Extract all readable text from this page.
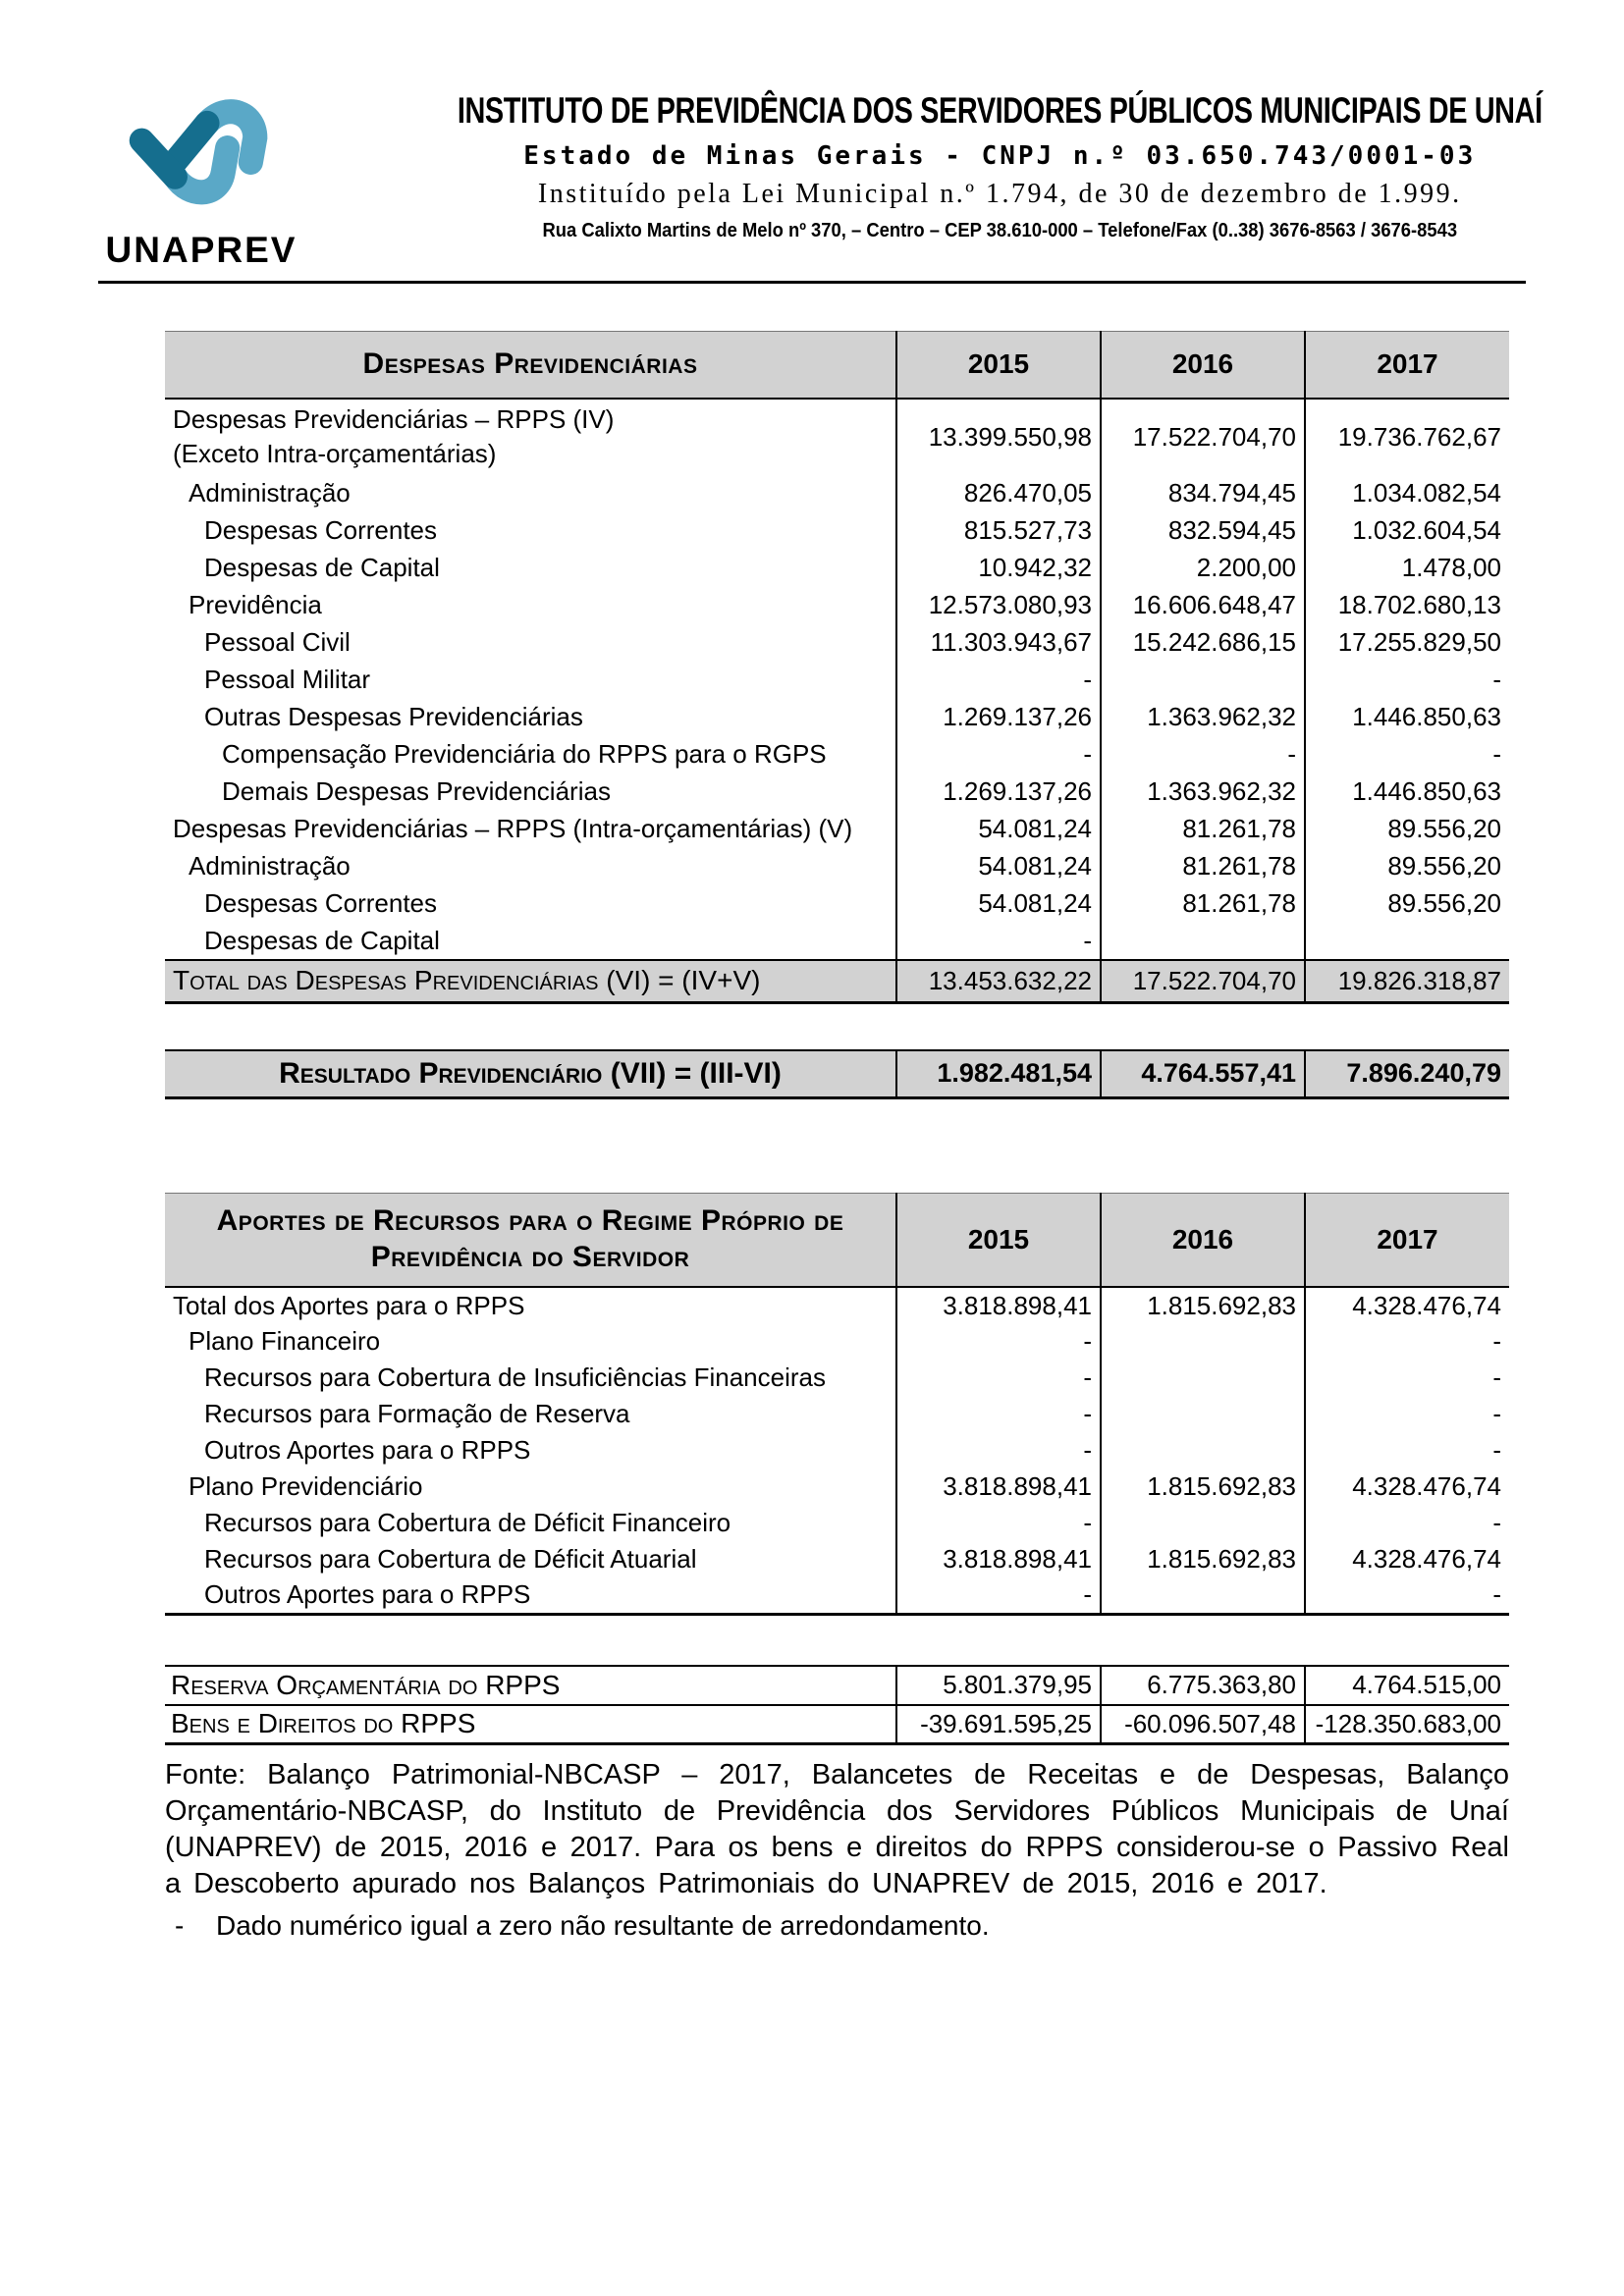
UNAPREV
INSTITUTO DE PREVIDÊNCIA DOS SERVIDORES PÚBLICOS MUNICIPAIS DE UNAÍ
Estado de Minas Gerais - CNPJ n.º 03.650.743/0001-03
Instituído pela Lei Municipal n.º 1.794, de 30 de dezembro de 1.999.
Rua Calixto Martins de Melo nº 370, – Centro – CEP 38.610-000 – Telefone/Fax (0..38) 3676-8563 / 3676-8543
Despesas Previdenciárias	2015	2016	2017

Despesas Previdenciárias – RPPS (IV)
(Exceto Intra-orçamentárias)	13.399.550,98	17.522.704,70	19.736.762,67
Administração	826.470,05	834.794,45	1.034.082,54
Despesas Correntes	815.527,73	832.594,45	1.032.604,54
Despesas de Capital	10.942,32	2.200,00	1.478,00
Previdência	12.573.080,93	16.606.648,47	18.702.680,13
Pessoal Civil	11.303.943,67	15.242.686,15	17.255.829,50
Pessoal Militar	-		-
Outras Despesas Previdenciárias	1.269.137,26	1.363.962,32	1.446.850,63
Compensação Previdenciária do RPPS para o RGPS	-	-	-
Demais Despesas Previdenciárias	1.269.137,26	1.363.962,32	1.446.850,63
Despesas Previdenciárias – RPPS (Intra-orçamentárias) (V)	54.081,24	81.261,78	89.556,20
Administração	54.081,24	81.261,78	89.556,20
Despesas Correntes	54.081,24	81.261,78	89.556,20
Despesas de Capital	-		
Total das Despesas Previdenciárias (VI) = (IV+V)	13.453.632,22	17.522.704,70	19.826.318,87
Resultado Previdenciário (VII) = (III-VI)	1.982.481,54	4.764.557,41	7.896.240,79
Aportes de Recursos para o Regime Próprio de
Previdência do Servidor	2015	2016	2017
Total dos Aportes para o RPPS	3.818.898,41	1.815.692,83	4.328.476,74
Plano Financeiro	-		-
Recursos para Cobertura de Insuficiências Financeiras	-		-
Recursos para Formação de Reserva	-		-
Outros Aportes para o RPPS	-		-
Plano Previdenciário	3.818.898,41	1.815.692,83	4.328.476,74
Recursos para Cobertura de Déficit Financeiro	-		-
Recursos para Cobertura de Déficit Atuarial	3.818.898,41	1.815.692,83	4.328.476,74
Outros Aportes para o RPPS	-		-
Reserva Orçamentária do RPPS	5.801.379,95	6.775.363,80	4.764.515,00
Bens e Direitos do RPPS	-39.691.595,25	-60.096.507,48	-128.350.683,00

Fonte: Balanço Patrimonial-NBCASP – 2017, Balancetes de Receitas e de Despesas, Balanço Orçamentário-NBCASP, do Instituto de Previdência dos Servidores Públicos Municipais de Unaí (UNAPREV) de 2015, 2016 e 2017. Para os bens e direitos do RPPS considerou-se o Passivo Real a Descoberto apurado nos Balanços Patrimoniais do UNAPREV de 2015, 2016 e 2017.

-	Dado numérico igual a zero não resultante de arredondamento.
